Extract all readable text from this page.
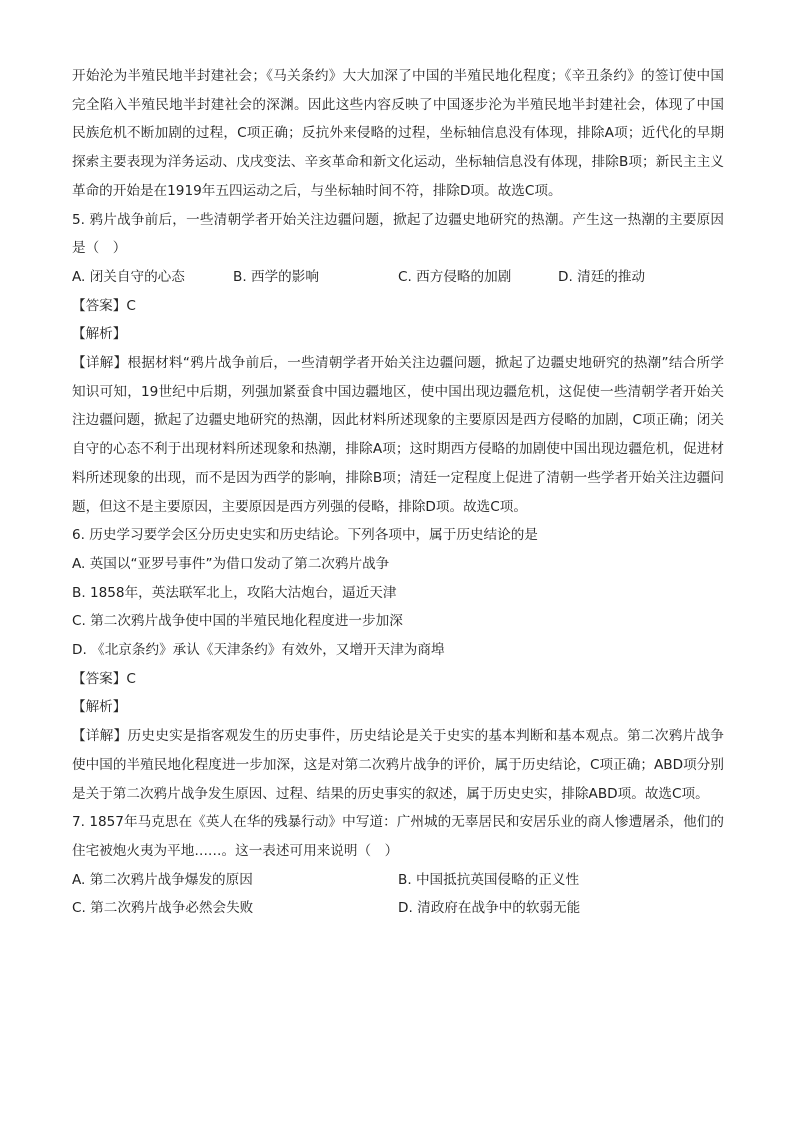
开始沦为半殖民地半封建社会；《马关条约》大大加深了中国的半殖民地化程度；《辛丑条约》的签订使中国完全陷入半殖民地半封建社会的深渊。因此这些内容反映了中国逐步沦为半殖民地半封建社会，体现了中国民族危机不断加剧的过程，C项正确；反抗外来侵略的过程，坐标轴信息没有体现，排除A项；近代化的早期探索主要表现为洋务运动、戊戌变法、辛亥革命和新文化运动，坐标轴信息没有体现，排除B项；新民主主义革命的开始是在1919年五四运动之后，与坐标轴时间不符，排除D项。故选C项。

5. 鸦片战争前后，一些清朝学者开始关注边疆问题，掀起了边疆史地研究的热潮。产生这一热潮的主要原因是（　）

A. 闭关自守的心态	B. 西学的影响	C. 西方侵略的加剧	D. 清廷的推动

【答案】C

【解析】

【详解】根据材料“鸦片战争前后，一些清朝学者开始关注边疆问题，掀起了边疆史地研究的热潮”结合所学知识可知，19世纪中后期，列强加紧蚕食中国边疆地区，使中国出现边疆危机，这促使一些清朝学者开始关注边疆问题，掀起了边疆史地研究的热潮，因此材料所述现象的主要原因是西方侵略的加剧，C项正确；闭关自守的心态不利于出现材料所述现象和热潮，排除A项；这时期西方侵略的加剧使中国出现边疆危机，促进材料所述现象的出现，而不是因为西学的影响，排除B项；清廷一定程度上促进了清朝一些学者开始关注边疆问题，但这不是主要原因，主要原因是西方列强的侵略，排除D项。故选C项。

6. 历史学习要学会区分历史史实和历史结论。下列各项中，属于历史结论的是

A. 英国以“亚罗号事件”为借口发动了第二次鸦片战争

B. 1858年，英法联军北上，攻陷大沽炮台，逼近天津

C. 第二次鸦片战争使中国的半殖民地化程度进一步加深

D. 《北京条约》承认《天津条约》有效外，又增开天津为商埠

【答案】C

【解析】

【详解】历史史实是指客观发生的历史事件，历史结论是关于史实的基本判断和基本观点。第二次鸦片战争使中国的半殖民地化程度进一步加深，这是对第二次鸦片战争的评价，属于历史结论，C项正确；ABD项分别是关于第二次鸦片战争发生原因、过程、结果的历史事实的叙述，属于历史史实，排除ABD项。故选C项。

7. 1857年马克思在《英人在华的残暴行动》中写道：广州城的无辜居民和安居乐业的商人惨遭屠杀，他们的住宅被炮火夷为平地……。这一表述可用来说明（　）

A. 第二次鸦片战争爆发的原因	B. 中国抵抗英国侵略的正义性
C. 第二次鸦片战争必然会失败	D. 清政府在战争中的软弱无能
